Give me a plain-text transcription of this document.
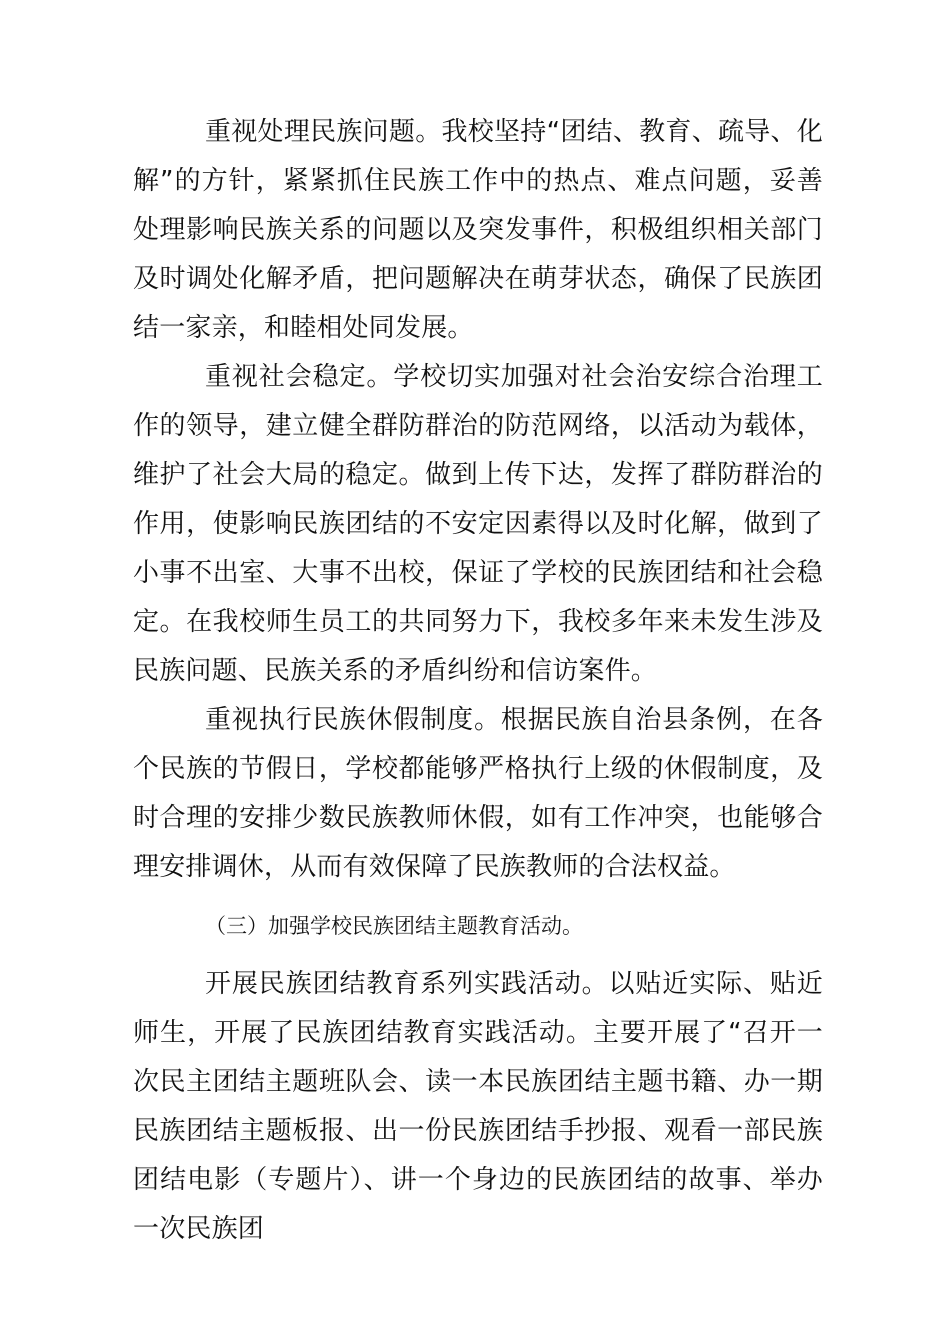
重视处理民族问题。我校坚持“团结、教育、疏导、化解”的方针，紧紧抓住民族工作中的热点、难点问题，妥善处理影响民族关系的问题以及突发事件，积极组织相关部门及时调处化解矛盾，把问题解决在萌芽状态，确保了民族团结一家亲，和睦相处同发展。

重视社会稳定。学校切实加强对社会治安综合治理工作的领导，建立健全群防群治的防范网络，以活动为载体，维护了社会大局的稳定。做到上传下达，发挥了群防群治的作用，使影响民族团结的不安定因素得以及时化解，做到了小事不出室、大事不出校，保证了学校的民族团结和社会稳定。在我校师生员工的共同努力下，我校多年来未发生涉及民族问题、民族关系的矛盾纠纷和信访案件。

重视执行民族休假制度。根据民族自治县条例，在各个民族的节假日，学校都能够严格执行上级的休假制度，及时合理的安排少数民族教师休假，如有工作冲突，也能够合理安排调休，从而有效保障了民族教师的合法权益。

（三）加强学校民族团结主题教育活动。

开展民族团结教育系列实践活动。以贴近实际、贴近师生，开展了民族团结教育实践活动。主要开展了“召开一次民主团结主题班队会、读一本民族团结主题书籍、办一期民族团结主题板报、出一份民族团结手抄报、观看一部民族团结电影（专题片）、讲一个身边的民族团结的故事、举办一次民族团
